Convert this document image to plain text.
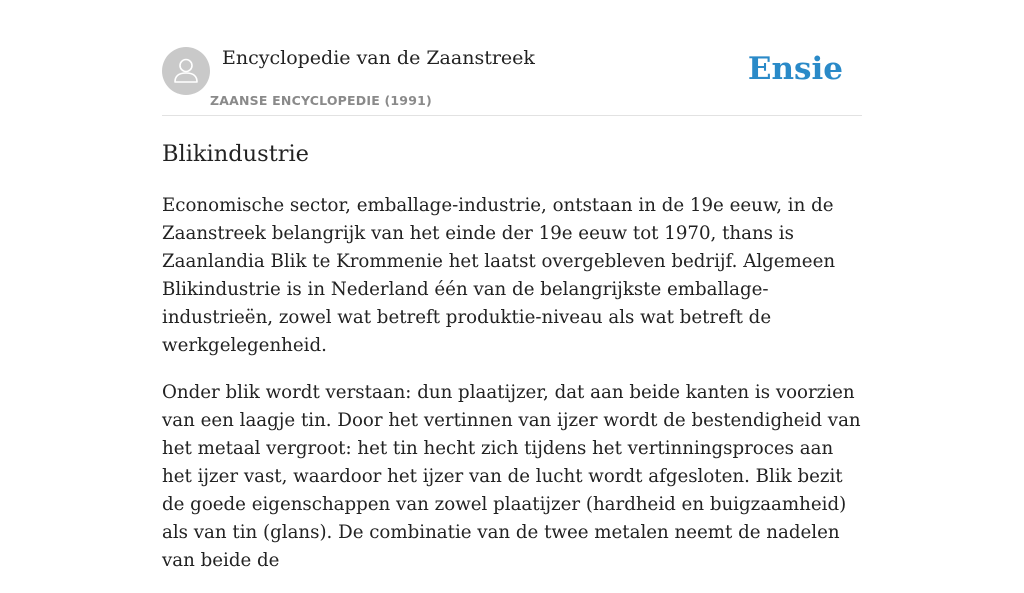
Encyclopedie van de Zaanstreek
ZAANSE ENCYCLOPEDIE (1991)
Ensie
Blikindustrie

Economische sector, emballage-industrie, ontstaan in de 19e eeuw, in de Zaanstreek belangrijk van het einde der 19e eeuw tot 1970, thans is Zaanlandia Blik te Krommenie het laatst overgebleven bedrijf. Algemeen Blikindustrie is in Nederland één van de belangrijkste emballage-industrieën, zowel wat betreft produktie-niveau als wat betreft de werkgelegenheid.

Onder blik wordt verstaan: dun plaatijzer, dat aan beide kanten is voorzien van een laagje tin. Door het vertinnen van ijzer wordt de bestendigheid van het metaal vergroot: het tin hecht zich tijdens het vertinningsproces aan het ijzer vast, waardoor het ijzer van de lucht wordt afgesloten. Blik bezit de goede eigenschappen van zowel plaatijzer (hardheid en buigzaamheid) als van tin (glans). De combinatie van de twee metalen neemt de nadelen van beide de
